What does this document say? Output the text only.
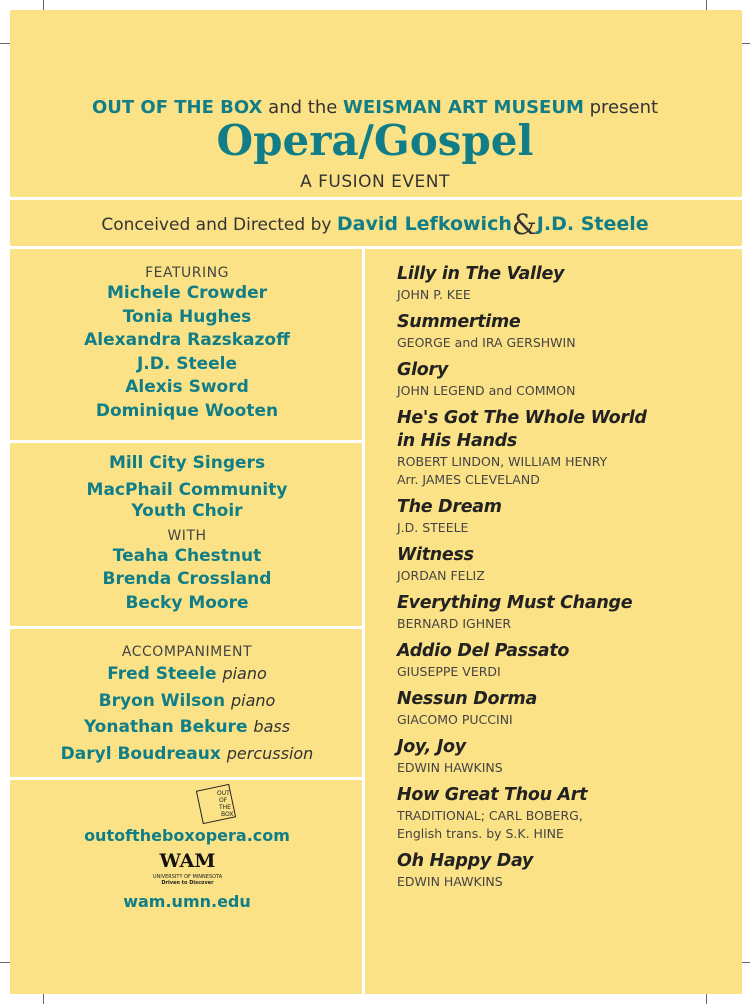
OUT OF THE BOX and the WEISMAN ART MUSEUM present
Opera/Gospel
A FUSION EVENT
Conceived and Directed by David Lefkowich&J.D. Steele
FEATURING
Michele Crowder
Tonia Hughes
Alexandra Razskazoff
J.D. Steele
Alexis Sword
Dominique Wooten
Mill City Singers
MacPhail Community
Youth Choir
WITH
Teaha Chestnut
Brenda Crossland
Becky Moore
ACCOMPANIMENT
Fred Steele piano
Bryon Wilson piano
Yonathan Bekure bass
Daryl Boudreaux percussion
OUT
OF
THE
BOX
outoftheboxopera.com
WAM
UNIVERSITY OF MINNESOTA
Driven to Discover
wam.umn.edu
Lilly in The Valley
JOHN P. KEE
Summertime
GEORGE and IRA GERSHWIN
Glory
JOHN LEGEND and COMMON
He's Got The Whole World
in His Hands
ROBERT LINDON, WILLIAM HENRY
Arr. JAMES CLEVELAND
The Dream
J.D. STEELE
Witness
JORDAN FELIZ
Everything Must Change
BERNARD IGHNER
Addio Del Passato
GIUSEPPE VERDI
Nessun Dorma
GIACOMO PUCCINI
Joy, Joy
EDWIN HAWKINS
How Great Thou Art
TRADITIONAL; CARL BOBERG,
English trans. by S.K. HINE
Oh Happy Day
EDWIN HAWKINS
